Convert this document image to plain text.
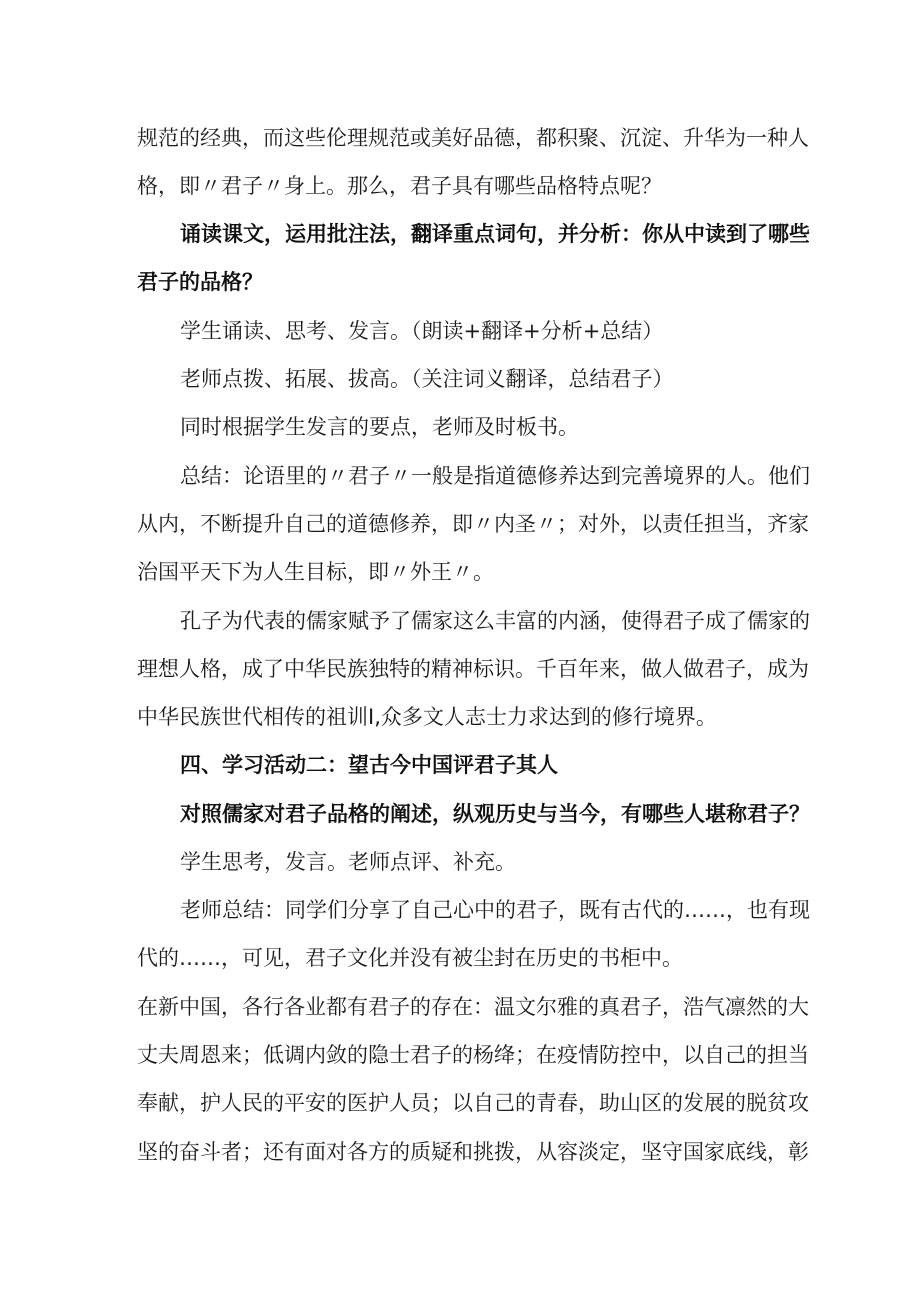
规范的经典，而这些伦理规范或美好品德，都积聚、沉淀、升华为一种人
格，即〃君子〃身上。那么，君子具有哪些品格特点呢？
诵读课文，运用批注法，翻译重点词句，并分析：你从中读到了哪些
君子的品格？
学生诵读、思考、发言。（朗读+翻译+分析+总结）
老师点拨、拓展、拔高。（关注词义翻译，总结君子）
同时根据学生发言的要点，老师及时板书。
总结：论语里的〃君子〃一般是指道德修养达到完善境界的人。他们
从内，不断提升自己的道德修养，即〃内圣〃；对外，以责任担当，齐家
治国平天下为人生目标，即〃外王〃。
孔子为代表的儒家赋予了儒家这么丰富的内涵，使得君子成了儒家的
理想人格，成了中华民族独特的精神标识。千百年来，做人做君子，成为
中华民族世代相传的祖训I,众多文人志士力求达到的修行境界。
四、学习活动二：望古今中国评君子其人
对照儒家对君子品格的阐述，纵观历史与当今，有哪些人堪称君子？
学生思考，发言。老师点评、补充。
老师总结：同学们分享了自己心中的君子，既有古代的……，也有现
代的……，可见，君子文化并没有被尘封在历史的书柜中。
在新中国，各行各业都有君子的存在：温文尔雅的真君子，浩气凛然的大
丈夫周恩来；低调内敛的隐士君子的杨绛；在疫情防控中，以自己的担当
奉献，护人民的平安的医护人员；以自己的青春，助山区的发展的脱贫攻
坚的奋斗者；还有面对各方的质疑和挑拨，从容淡定，坚守国家底线，彰
